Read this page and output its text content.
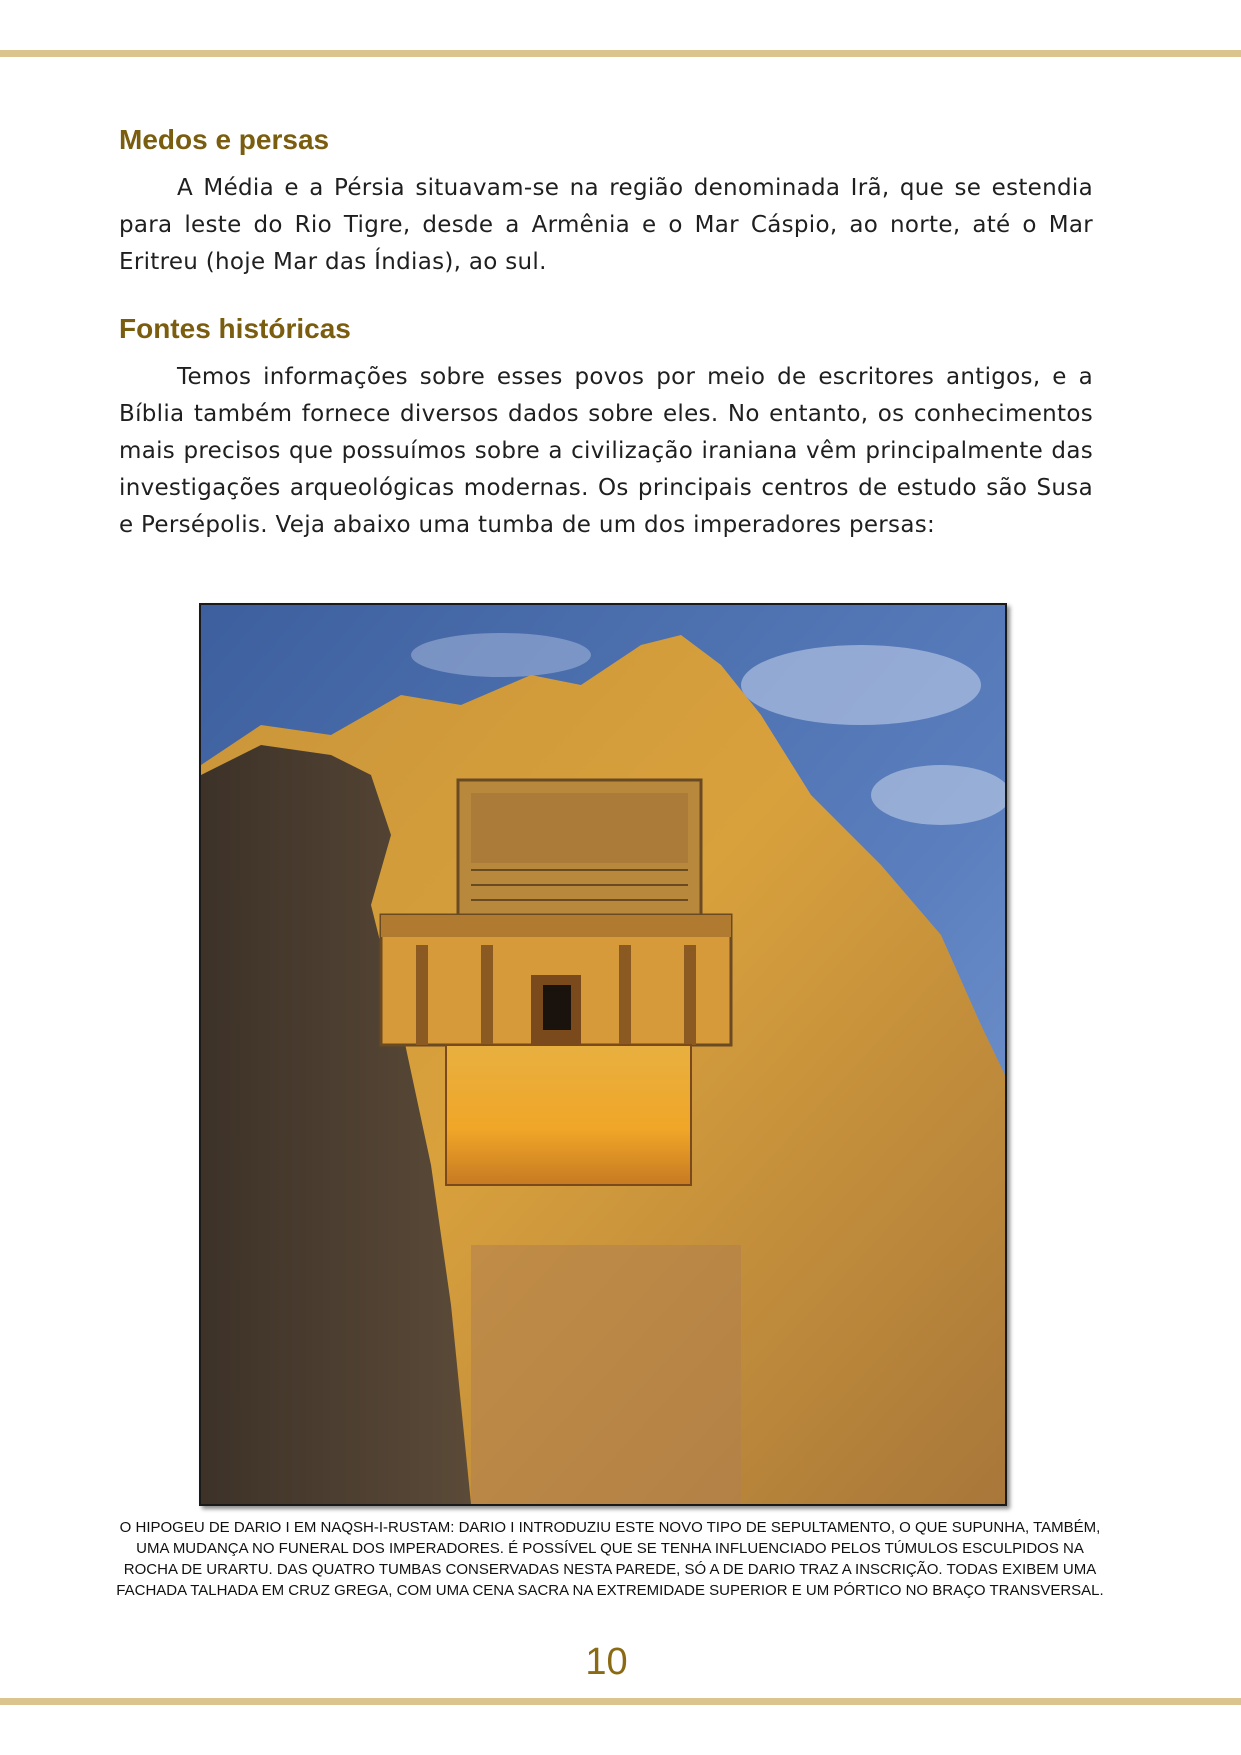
Medos e persas

A Média e a Pérsia situavam-se na região denominada Irã, que se estendia para leste do Rio Tigre, desde a Armênia e o Mar Cáspio, ao norte, até o Mar Eritreu (hoje Mar das Índias), ao sul.

Fontes históricas

Temos informações sobre esses povos por meio de escritores antigos, e a Bíblia também fornece diversos dados sobre eles. No entanto, os conhecimentos mais precisos que possuímos sobre a civilização iraniana vêm principalmente das investigações arqueológicas modernas. Os principais centros de estudo são Susa e Persépolis. Veja abaixo uma tumba de um dos imperadores persas:

O HIPOGEU DE DARIO I EM NAQSH-I-RUSTAM: DARIO I INTRODUZIU ESTE NOVO TIPO DE SEPULTAMENTO, O QUE SUPUNHA, TAMBÉM, UMA MUDANÇA NO FUNERAL DOS IMPERADORES. É POSSÍVEL QUE SE TENHA INFLUENCIADO PELOS TÚMULOS ESCULPIDOS NA ROCHA DE URARTU. DAS QUATRO TUMBAS CONSERVADAS NESTA PAREDE, SÓ A DE DARIO TRAZ A INSCRIÇÃO. TODAS EXIBEM UMA FACHADA TALHADA EM CRUZ GREGA, COM UMA CENA SACRA NA EXTREMIDADE SUPERIOR E UM PÓRTICO NO BRAÇO TRANSVERSAL.
10
